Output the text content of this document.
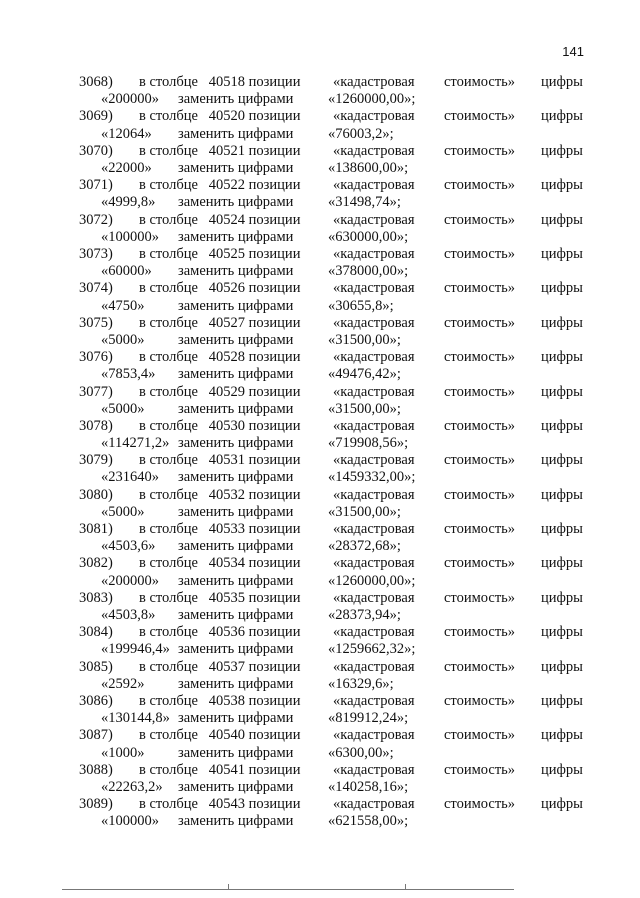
141
3068) в столбце 40518 позиции «кадастровая стоимость» цифры
«200000» заменить цифрами «1260000,00»;
3069) в столбце 40520 позиции «кадастровая стоимость» цифры
«12064» заменить цифрами «76003,2»;
3070) в столбце 40521 позиции «кадастровая стоимость» цифры
«22000» заменить цифрами «138600,00»;
3071) в столбце 40522 позиции «кадастровая стоимость» цифры
«4999,8» заменить цифрами «31498,74»;
3072) в столбце 40524 позиции «кадастровая стоимость» цифры
«100000» заменить цифрами «630000,00»;
3073) в столбце 40525 позиции «кадастровая стоимость» цифры
«60000» заменить цифрами «378000,00»;
3074) в столбце 40526 позиции «кадастровая стоимость» цифры
«4750» заменить цифрами «30655,8»;
3075) в столбце 40527 позиции «кадастровая стоимость» цифры
«5000» заменить цифрами «31500,00»;
3076) в столбце 40528 позиции «кадастровая стоимость» цифры
«7853,4» заменить цифрами «49476,42»;
3077) в столбце 40529 позиции «кадастровая стоимость» цифры
«5000» заменить цифрами «31500,00»;
3078) в столбце 40530 позиции «кадастровая стоимость» цифры
«114271,2» заменить цифрами «719908,56»;
3079) в столбце 40531 позиции «кадастровая стоимость» цифры
«231640» заменить цифрами «1459332,00»;
3080) в столбце 40532 позиции «кадастровая стоимость» цифры
«5000» заменить цифрами «31500,00»;
3081) в столбце 40533 позиции «кадастровая стоимость» цифры
«4503,6» заменить цифрами «28372,68»;
3082) в столбце 40534 позиции «кадастровая стоимость» цифры
«200000» заменить цифрами «1260000,00»;
3083) в столбце 40535 позиции «кадастровая стоимость» цифры
«4503,8» заменить цифрами «28373,94»;
3084) в столбце 40536 позиции «кадастровая стоимость» цифры
«199946,4» заменить цифрами «1259662,32»;
3085) в столбце 40537 позиции «кадастровая стоимость» цифры
«2592» заменить цифрами «16329,6»;
3086) в столбце 40538 позиции «кадастровая стоимость» цифры
«130144,8» заменить цифрами «819912,24»;
3087) в столбце 40540 позиции «кадастровая стоимость» цифры
«1000» заменить цифрами «6300,00»;
3088) в столбце 40541 позиции «кадастровая стоимость» цифры
«22263,2» заменить цифрами «140258,16»;
3089) в столбце 40543 позиции «кадастровая стоимость» цифры
«100000» заменить цифрами «621558,00»;
